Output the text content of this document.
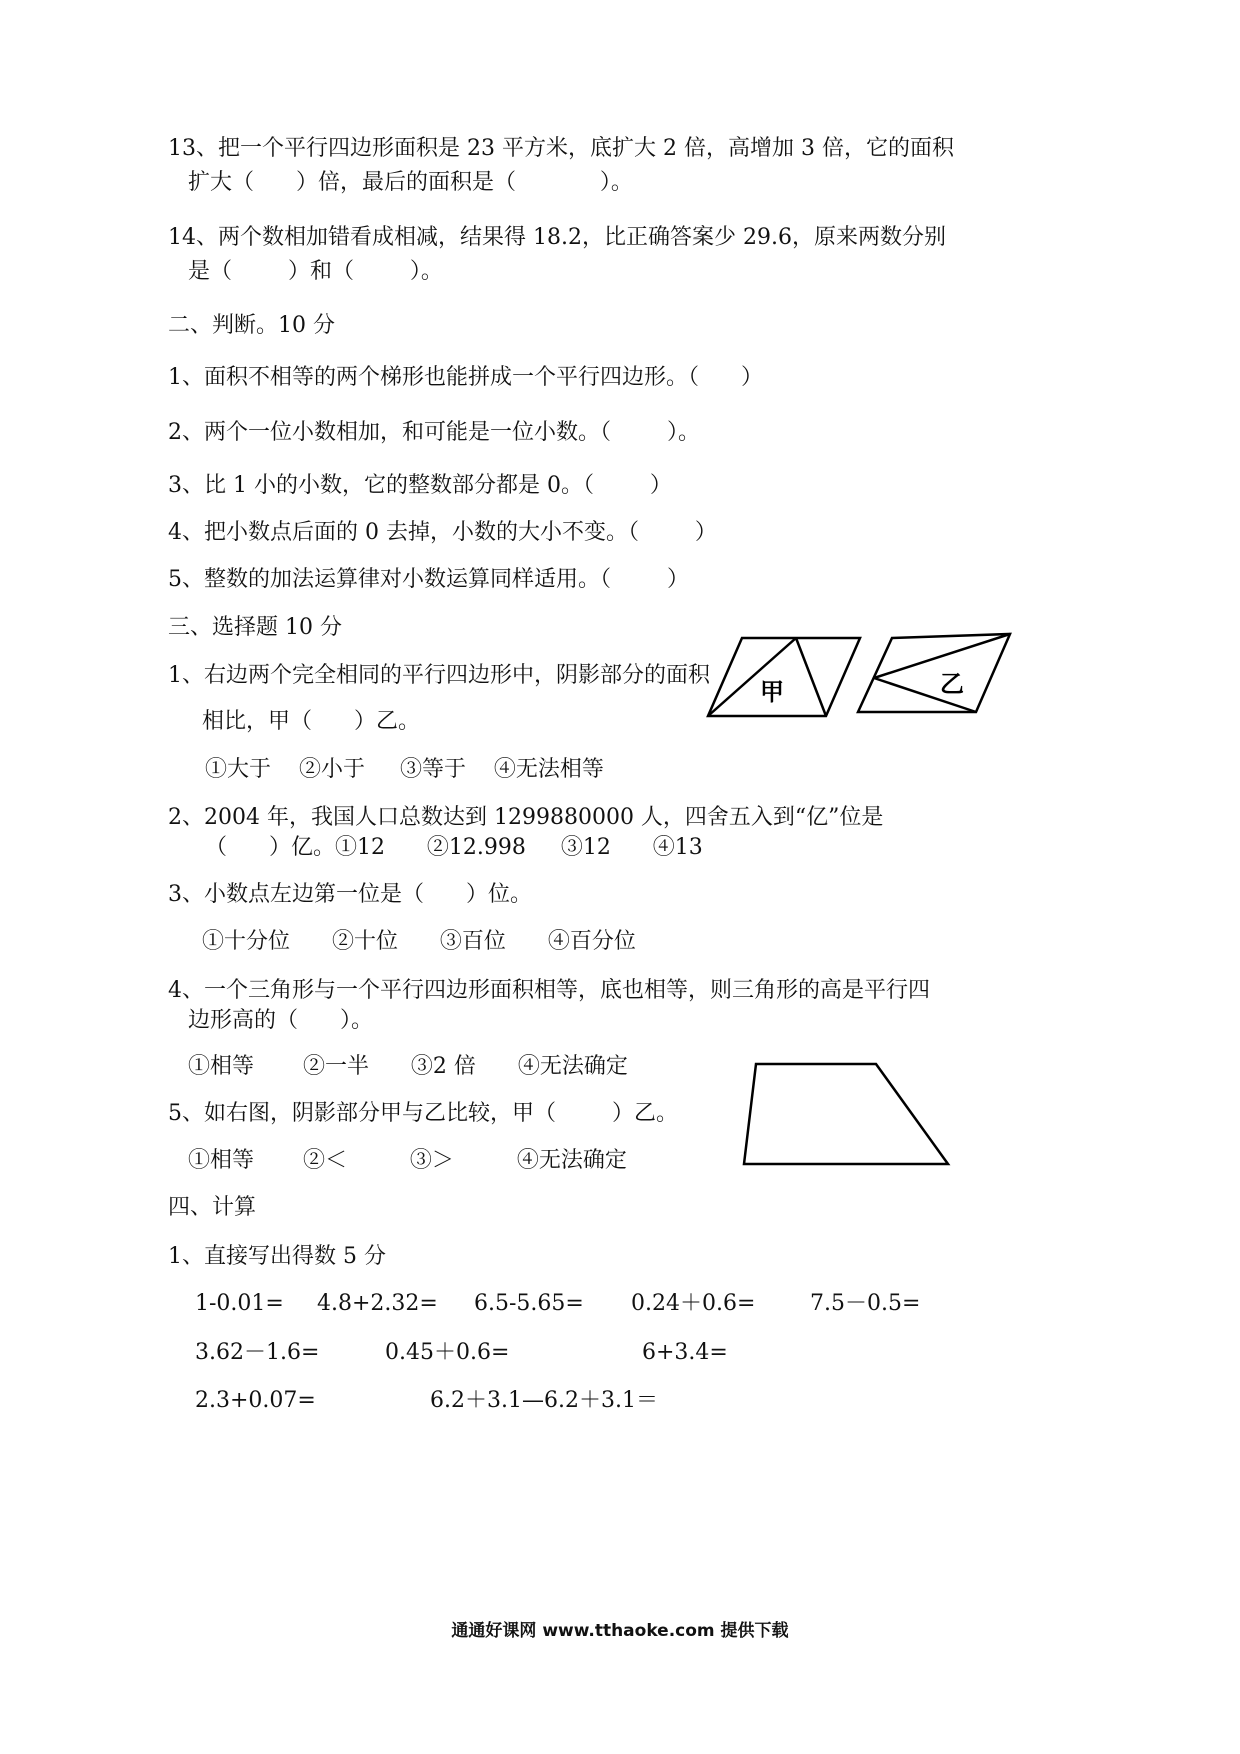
13、把一个平行四边形面积是 23 平方米，底扩大 2 倍，高增加 3 倍，它的面积
扩大（      ）倍，最后的面积是（            ）。
14、两个数相加错看成相减，结果得 18.2，比正确答案少 29.6，原来两数分别
是（        ）和（        ）。
二、判断。10 分
1、面积不相等的两个梯形也能拼成一个平行四边形。（      ）
2、两个一位小数相加，和可能是一位小数。（        ）。
3、比 1 小的小数，它的整数部分都是 0。（        ）
4、把小数点后面的 0 去掉，小数的大小不变。（        ）
5、整数的加法运算律对小数运算同样适用。（        ）
三、选择题 10 分
1、右边两个完全相同的平行四边形中，阴影部分的面积
相比，甲（      ）乙。
①大于    ②小于     ③等于    ④无法相等
甲	乙
2、2004 年，我国人口总数达到 1299880000 人，四舍五入到“亿”位是
（      ）亿。①12      ②12.998     ③12      ④13
3、小数点左边第一位是（      ）位。
①十分位      ②十位      ③百位      ④百分位
4、一个三角形与一个平行四边形面积相等，底也相等，则三角形的高是平行四
边形高的（      ）。
①相等       ②一半      ③2 倍      ④无法确定
5、如右图，阴影部分甲与乙比较，甲（        ）乙。
①相等       ②＜         ③＞         ④无法确定
四、计算
1、直接写出得数 5 分
1-0.01= 4.8+2.32= 6.5-5.65= 0.24＋0.6= 7.5－0.5=
3.62－1.6=	0.45＋0.6=	6+3.4=
2.3+0.07=	6.2＋3.1—6.2＋3.1＝
通通好课网 www.tthaoke.com 提供下载
